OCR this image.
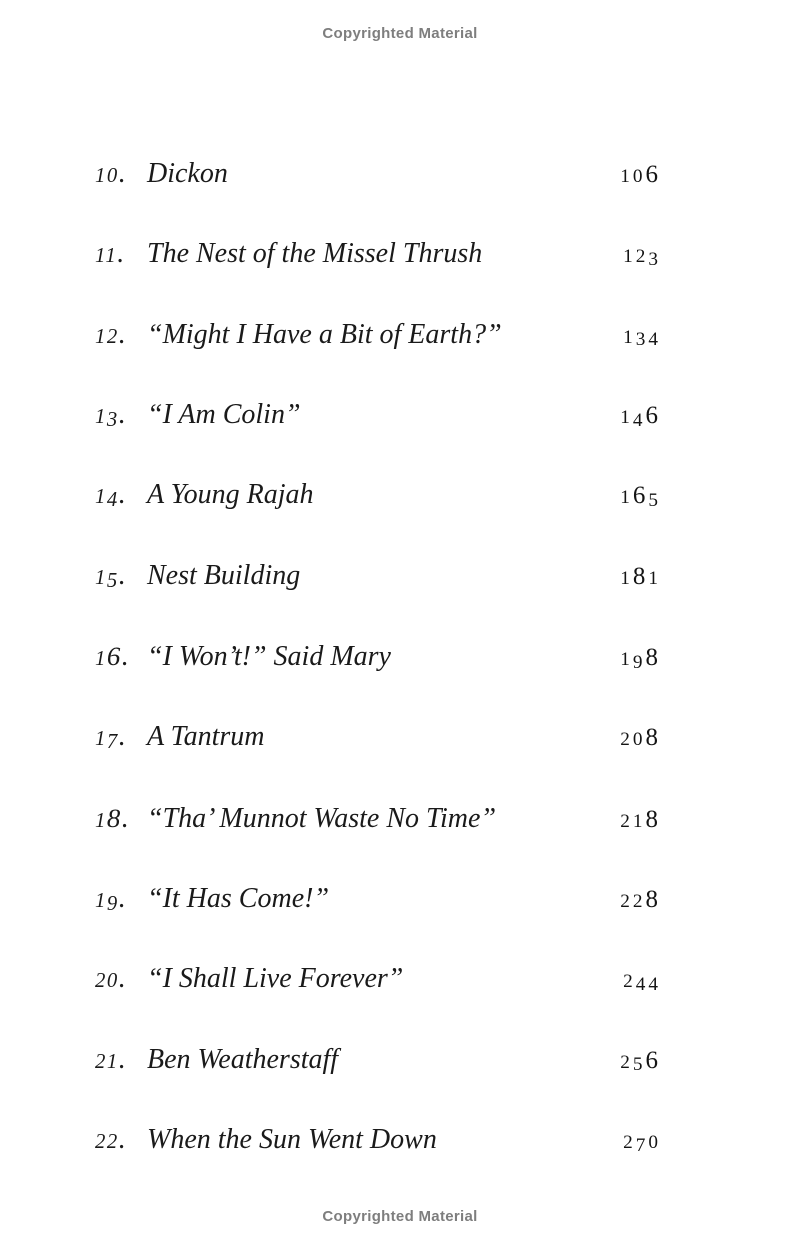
Copyrighted Material
10. Dickon	106
11. The Nest of the Missel Thrush	123
12. “Might I Have a Bit of Earth?”	134
13. “I Am Colin”	146
14. A Young Rajah	165
15. Nest Building	181
16. “I Won’t!” Said Mary	198
17. A Tantrum	208
18. “Tha’ Munnot Waste No Time”	218
19. “It Has Come!”	228
20. “I Shall Live Forever”	244
21. Ben Weatherstaff	256
22. When the Sun Went Down	270
Copyrighted Material
